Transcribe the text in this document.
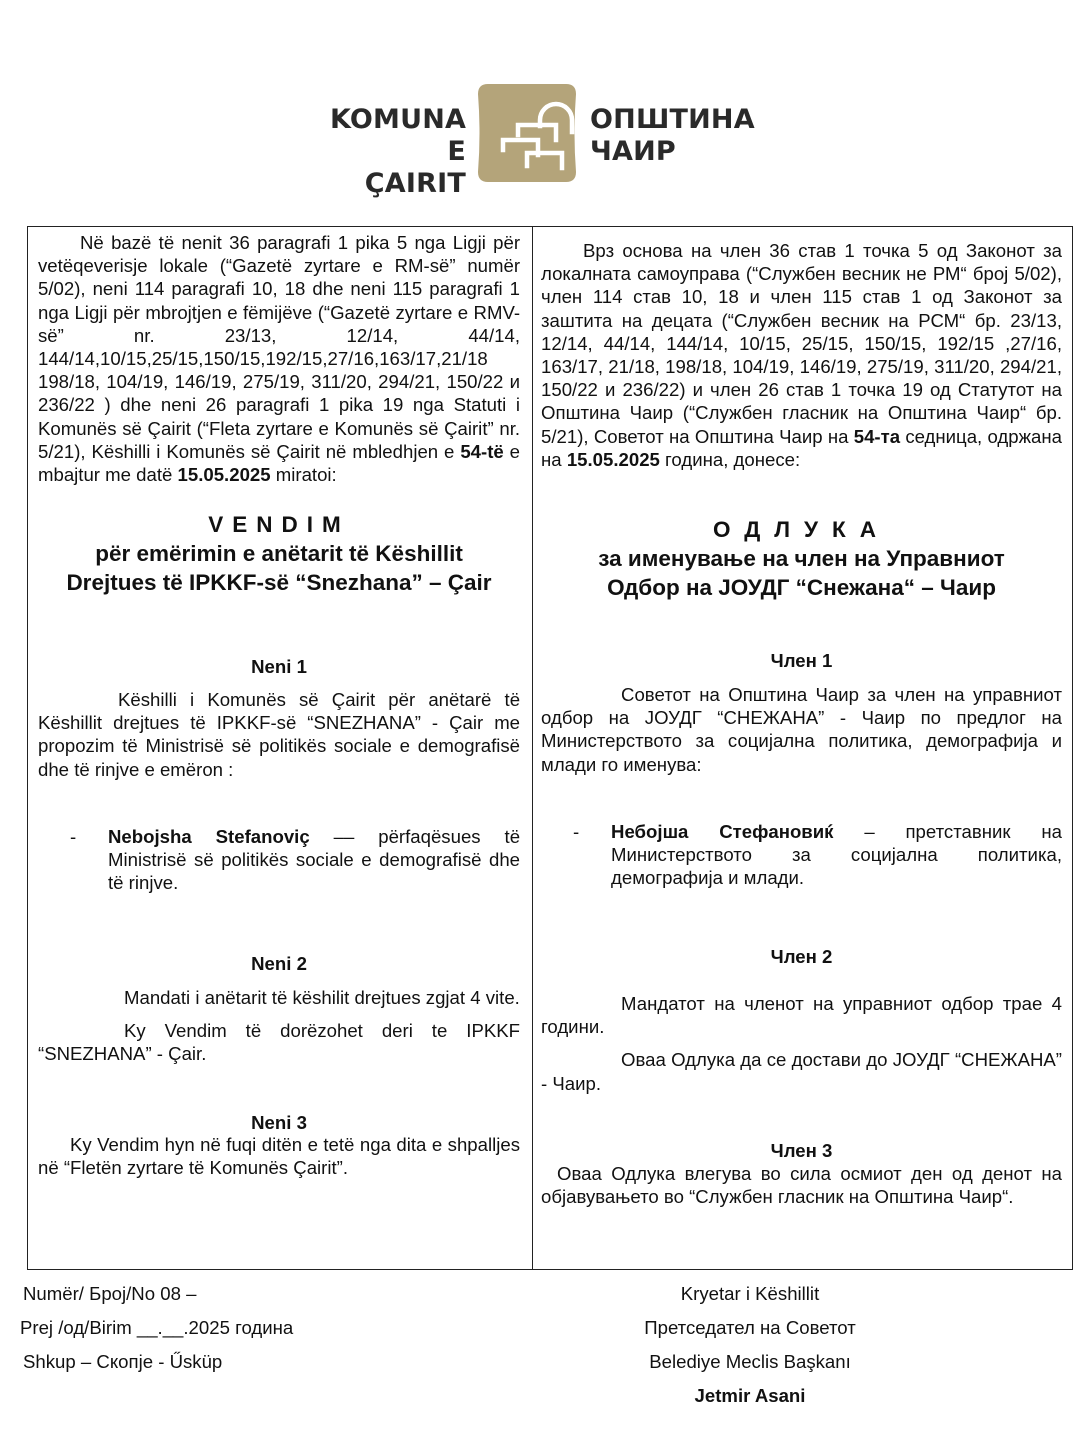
KOMUNA E
ÇAIRIT
ОПШТИНА
ЧАИР

Në bazë të nenit 36 paragrafi 1 pika 5 nga Ligji për vetëqeverisje lokale (“Gazetë zyrtare e RM-së” numër 5/02), neni 114 paragrafi 10, 18 dhe neni 115 paragrafi 1 nga Ligji për mbrojtjen e fëmijëve (“Gazetë zyrtare e RMV-së” nr. 23/13, 12/14, 44/14, 144/14,10/15,25/15,150/15,192/15,27/16,163/17,21/18 198/18, 104/19, 146/19, 275/19, 311/20, 294/21, 150/22 и 236/22 ) dhe neni 26 paragrafi 1 pika 19 nga Statuti i Komunës së Çairit (“Fleta zyrtare e Komunës së Çairit” nr. 5/21), Këshilli i Komunës së Çairit në mbledhjen e 54-të e mbajtur me datë 15.05.2025 miratoi:

VENDIM
për emërimin e anëtarit të Këshillit
Drejtues të IPKKF-së “Snezhana” – Çair
Neni 1

Këshilli i Komunës së Çairit për anëtarë të Këshillit drejtues të IPKKF-së “SNEZHANA” - Çair me propozim të Ministrisë së politikës sociale e demografisë dhe të rinjve e emëron :

-	Nebojsha Stefanoviç –– përfaqësues të Ministrisë së politikës sociale e demografisë dhe të rinjve.
Neni 2

Mandati i anëtarit të këshilit drejtues zgjat 4 vite.

Ky Vendim të dorëzohet deri te IPKKF “SNEZHANA” - Çair.

Neni 3

Ky Vendim hyn në fuqi ditën e tetë nga dita e shpalljes në “Fletën zyrtare të Komunës Çairit”.

Врз основа на член 36 став 1 точка 5 од Законот за локалната самоуправа (“Службен весник не РМ“ број 5/02), член 114 став 10, 18 и член 115 став 1 од Законот за заштита на децата (“Службен весник на РСМ“ бр. 23/13, 12/14, 44/14, 144/14, 10/15, 25/15, 150/15, 192/15 ,27/16, 163/17, 21/18, 198/18, 104/19, 146/19, 275/19, 311/20, 294/21, 150/22 и 236/22) и член 26 став 1 точка 19 од Статутот на Општина Чаир (“Службен гласник на Општина Чаир“ бр. 5/21), Советот на Општина Чаир на 54-та седница, одржана на 15.05.2025 година, донесе:

ОДЛУКА
за именување на член на Управниот
Одбор на ЈОУДГ “Снежана“ – Чаир
Член 1

Советот на Општина Чаир за член на управниот одбор на ЈОУДГ “СНЕЖАНА” - Чаир по предлог на Министерството за социјална политика, демографија и млади го именува:

-	Небојша Стефановиќ – претставник на Министерството за социјална политика, демографија и млади.
Член 2

Мандатот на членот на управниот одбор трае 4 години.

Оваа Одлука да се достави до ЈОУДГ “СНЕЖАНА” - Чаир.

Член 3

Оваа Одлука влегува во сила осмиот ден од денот на објавувањето во “Службен гласник на Општина Чаир“.

Numër/ Број/No 08 –
Prej /од/Birim __.__.2025 година
Shkup – Скопје - Űsküp
Kryetar i Këshillit
Претседател на Советот
Belediye Meclis Başkanı
Jetmir Asani
